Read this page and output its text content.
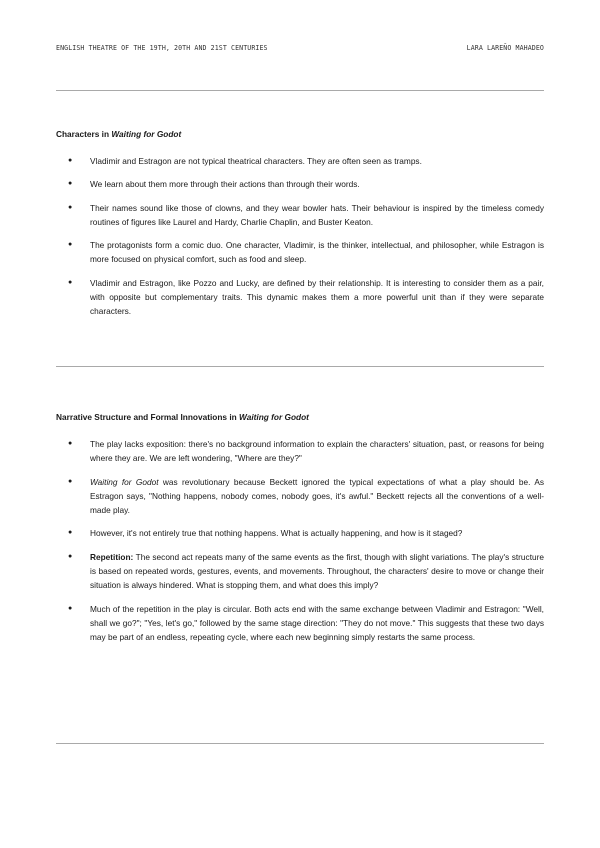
ENGLISH THEATRE OF THE 19TH, 20TH AND 21ST CENTURIES	LARA LAREÑO MAHADEO
Characters in Waiting for Godot
● Vladimir and Estragon are not typical theatrical characters. They are often seen as tramps.
● We learn about them more through their actions than through their words.
● Their names sound like those of clowns, and they wear bowler hats. Their behaviour is inspired by the timeless comedy routines of figures like Laurel and Hardy, Charlie Chaplin, and Buster Keaton.
● The protagonists form a comic duo. One character, Vladimir, is the thinker, intellectual, and philosopher, while Estragon is more focused on physical comfort, such as food and sleep.
● Vladimir and Estragon, like Pozzo and Lucky, are defined by their relationship. It is interesting to consider them as a pair, with opposite but complementary traits. This dynamic makes them a more powerful unit than if they were separate characters.
Narrative Structure and Formal Innovations in Waiting for Godot
● The play lacks exposition: there's no background information to explain the characters' situation, past, or reasons for being where they are. We are left wondering, "Where are they?"
● Waiting for Godot was revolutionary because Beckett ignored the typical expectations of what a play should be. As Estragon says, "Nothing happens, nobody comes, nobody goes, it's awful." Beckett rejects all the conventions of a well-made play.
● However, it's not entirely true that nothing happens. What is actually happening, and how is it staged?
● Repetition: The second act repeats many of the same events as the first, though with slight variations. The play's structure is based on repeated words, gestures, events, and movements. Throughout, the characters' desire to move or change their situation is always hindered. What is stopping them, and what does this imply?
● Much of the repetition in the play is circular. Both acts end with the same exchange between Vladimir and Estragon: "Well, shall we go?"; "Yes, let's go," followed by the same stage direction: "They do not move." This suggests that these two days may be part of an endless, repeating cycle, where each new beginning simply restarts the same process.
